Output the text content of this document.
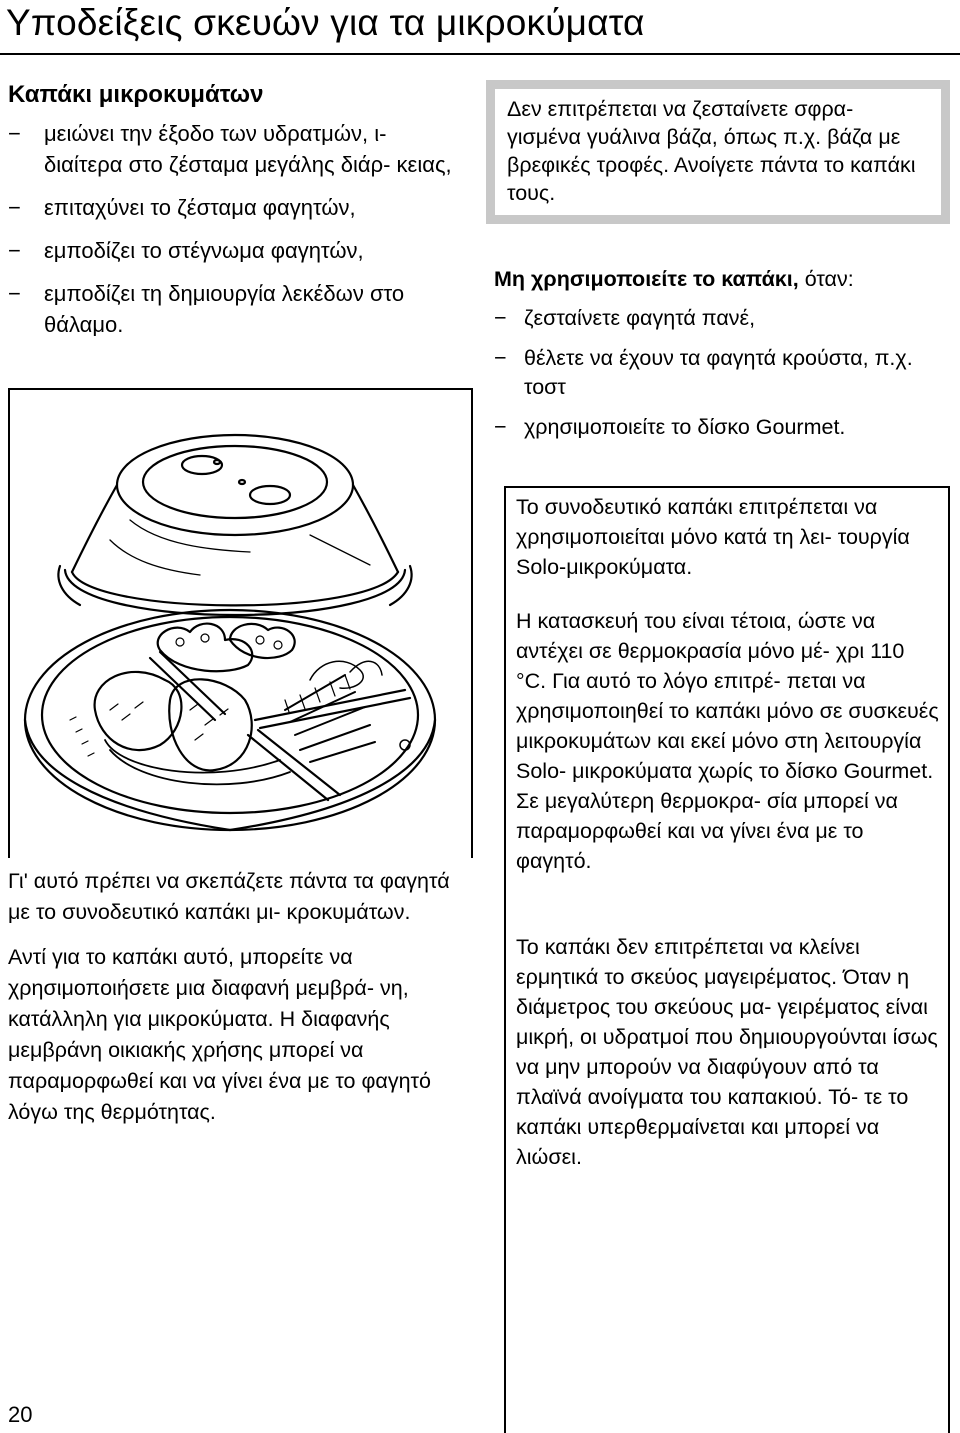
Υποδείξεις σκευών για τα μικροκύματα
Καπάκι μικροκυμάτων
− μειώνει την έξοδο των υδρατμών, ι- διαίτερα στο ζέσταμα μεγάλης διάρ- κειας,
− επιταχύνει το ζέσταμα φαγητών,
− εμποδίζει το στέγνωμα φαγητών,
− εμποδίζει τη δημιουργία λεκέδων στο θάλαμο.

Γι' αυτό πρέπει να σκεπάζετε πάντα τα φαγητά με το συνοδευτικό καπάκι μι- κροκυμάτων.

Αντί για το καπάκι αυτό, μπορείτε να χρησιμοποιήσετε μια διαφανή μεμβρά- νη, κατάλληλη για μικροκύματα. Η διαφανής μεμβράνη οικιακής χρήσης μπορεί να παραμορφωθεί και να γίνει ένα με το φαγητό λόγω της θερμότητας.

Δεν επιτρέπεται να ζεσταίνετε σφρα- γισμένα γυάλινα βάζα, όπως π.χ. βάζα με βρεφικές τροφές. Ανοίγετε πάντα το καπάκι τους.

Μη χρησιμοποιείτε το καπάκι, όταν:

− ζεσταίνετε φαγητά πανέ,
− θέλετε να έχουν τα φαγητά κρούστα, π.χ. τοστ
− χρησιμοποιείτε το δίσκο Gourmet.
Το συνοδευτικό καπάκι επιτρέπεται να χρησιμοποιείται μόνο κατά τη λει- τουργία Solo-μικροκύματα.
Η κατασκευή του είναι τέτοια, ώστε να αντέχει σε θερμοκρασία μόνο μέ- χρι 110 °C. Για αυτό το λόγο επιτρέ- πεται να χρησιμοποιηθεί το καπάκι μόνο σε συσκευές μικροκυμάτων και εκεί μόνο στη λειτουργία Solo- μικροκύματα χωρίς το δίσκο Gourmet. Σε μεγαλύτερη θερμοκρα- σία μπορεί να παραμορφωθεί και να γίνει ένα με το φαγητό.
Το καπάκι δεν επιτρέπεται να κλείνει ερμητικά το σκεύος μαγειρέματος. Όταν η διάμετρος του σκεύους μα- γειρέματος είναι μικρή, οι υδρατμοί που δημιουργούνται ίσως να μην μπορούν να διαφύγουν από τα πλαϊνά ανοίγματα του καπακιού. Τό- τε το καπάκι υπερθερμαίνεται και μπορεί να λιώσει.
20
